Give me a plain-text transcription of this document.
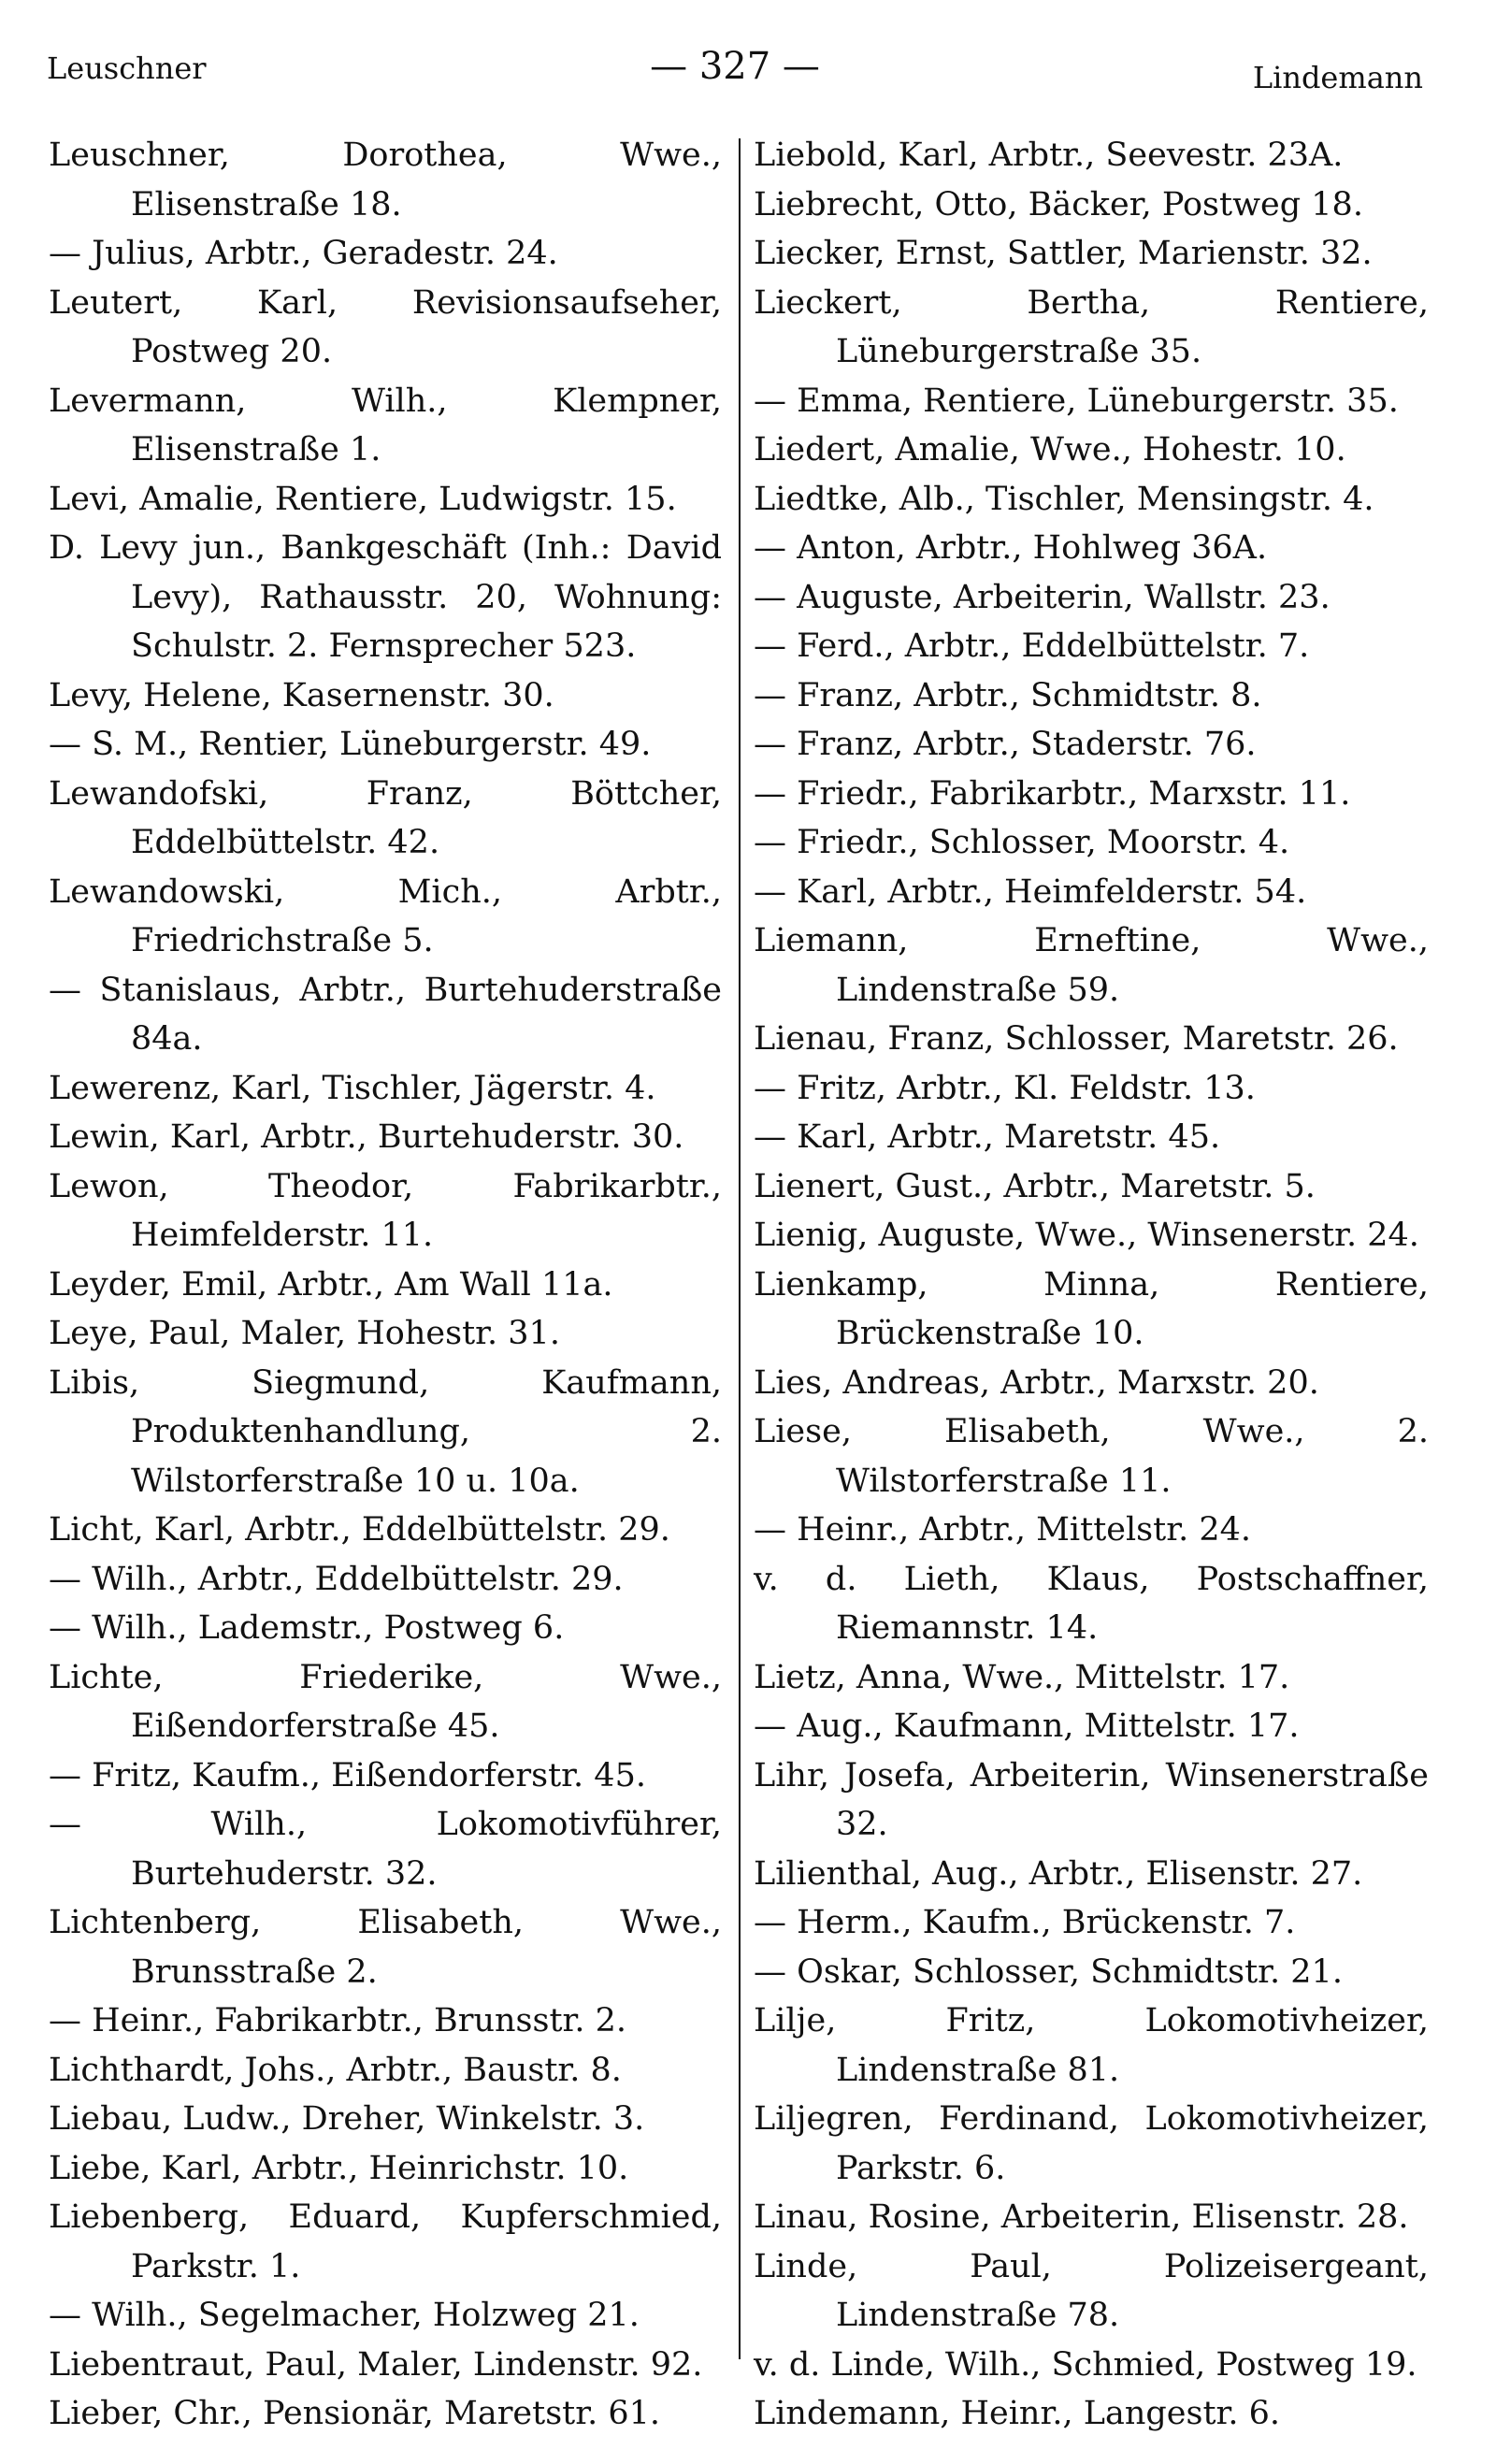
Leuschner	— 327 —	Lindemann

Leuschner, Dorothea, Wwe., Elisenstraße 18.

— Julius, Arbtr., Geradestr. 24.

Leutert, Karl, Revisionsaufseher, Postweg 20.

Levermann, Wilh., Klempner, Elisenstraße 1.

Levi, Amalie, Rentiere, Ludwigstr. 15.

D. Levy jun., Bankgeschäft (Inh.: David Levy), Rathausstr. 20, Wohnung: Schulstr. 2. Fernsprecher 523.

Levy, Helene, Kasernenstr. 30.

— S. M., Rentier, Lüneburgerstr. 49.

Lewandofski, Franz, Böttcher, Eddelbüttelstr. 42.

Lewandowski, Mich., Arbtr., Friedrichstraße 5.

— Stanislaus, Arbtr., Burtehuderstraße 84a.

Lewerenz, Karl, Tischler, Jägerstr. 4.

Lewin, Karl, Arbtr., Burtehuderstr. 30.

Lewon, Theodor, Fabrikarbtr., Heimfelderstr. 11.

Leyder, Emil, Arbtr., Am Wall 11a.

Leye, Paul, Maler, Hohestr. 31.

Libis, Siegmund, Kaufmann, Produktenhandlung, 2. Wilstorferstraße 10 u. 10a.

Licht, Karl, Arbtr., Eddelbüttelstr. 29.

— Wilh., Arbtr., Eddelbüttelstr. 29.

— Wilh., Lademstr., Postweg 6.

Lichte, Friederike, Wwe., Eißendorferstraße 45.

— Fritz, Kaufm., Eißendorferstr. 45.

— Wilh., Lokomotivführer, Burtehuderstr. 32.

Lichtenberg, Elisabeth, Wwe., Brunsstraße 2.

— Heinr., Fabrikarbtr., Brunsstr. 2.

Lichthardt, Johs., Arbtr., Baustr. 8.

Liebau, Ludw., Dreher, Winkelstr. 3.

Liebe, Karl, Arbtr., Heinrichstr. 10.

Liebenberg, Eduard, Kupferschmied, Parkstr. 1.

— Wilh., Segelmacher, Holzweg 21.

Liebentraut, Paul, Maler, Lindenstr. 92.

Lieber, Chr., Pensionär, Maretstr. 61.

Liebold, Karl, Arbtr., Seevestr. 23A.

Liebrecht, Otto, Bäcker, Postweg 18.

Liecker, Ernst, Sattler, Marienstr. 32.

Lieckert, Bertha, Rentiere, Lüneburgerstraße 35.

— Emma, Rentiere, Lüneburgerstr. 35.

Liedert, Amalie, Wwe., Hohestr. 10.

Liedtke, Alb., Tischler, Mensingstr. 4.

— Anton, Arbtr., Hohlweg 36A.

— Auguste, Arbeiterin, Wallstr. 23.

— Ferd., Arbtr., Eddelbüttelstr. 7.

— Franz, Arbtr., Schmidtstr. 8.

— Franz, Arbtr., Staderstr. 76.

— Friedr., Fabrikarbtr., Marxstr. 11.

— Friedr., Schlosser, Moorstr. 4.

— Karl, Arbtr., Heimfelderstr. 54.

Liemann, Erneftine, Wwe., Lindenstraße 59.

Lienau, Franz, Schlosser, Maretstr. 26.

— Fritz, Arbtr., Kl. Feldstr. 13.

— Karl, Arbtr., Maretstr. 45.

Lienert, Gust., Arbtr., Maretstr. 5.

Lienig, Auguste, Wwe., Winsenerstr. 24.

Lienkamp, Minna, Rentiere, Brückenstraße 10.

Lies, Andreas, Arbtr., Marxstr. 20.

Liese, Elisabeth, Wwe., 2. Wilstorferstraße 11.

— Heinr., Arbtr., Mittelstr. 24.

v. d. Lieth, Klaus, Postschaffner, Riemannstr. 14.

Lietz, Anna, Wwe., Mittelstr. 17.

— Aug., Kaufmann, Mittelstr. 17.

Lihr, Josefa, Arbeiterin, Winsenerstraße 32.

Lilienthal, Aug., Arbtr., Elisenstr. 27.

— Herm., Kaufm., Brückenstr. 7.

— Oskar, Schlosser, Schmidtstr. 21.

Lilje, Fritz, Lokomotivheizer, Lindenstraße 81.

Liljegren, Ferdinand, Lokomotivheizer, Parkstr. 6.

Linau, Rosine, Arbeiterin, Elisenstr. 28.

Linde, Paul, Polizeisergeant, Lindenstraße 78.

v. d. Linde, Wilh., Schmied, Postweg 19.

Lindemann, Heinr., Langestr. 6.
